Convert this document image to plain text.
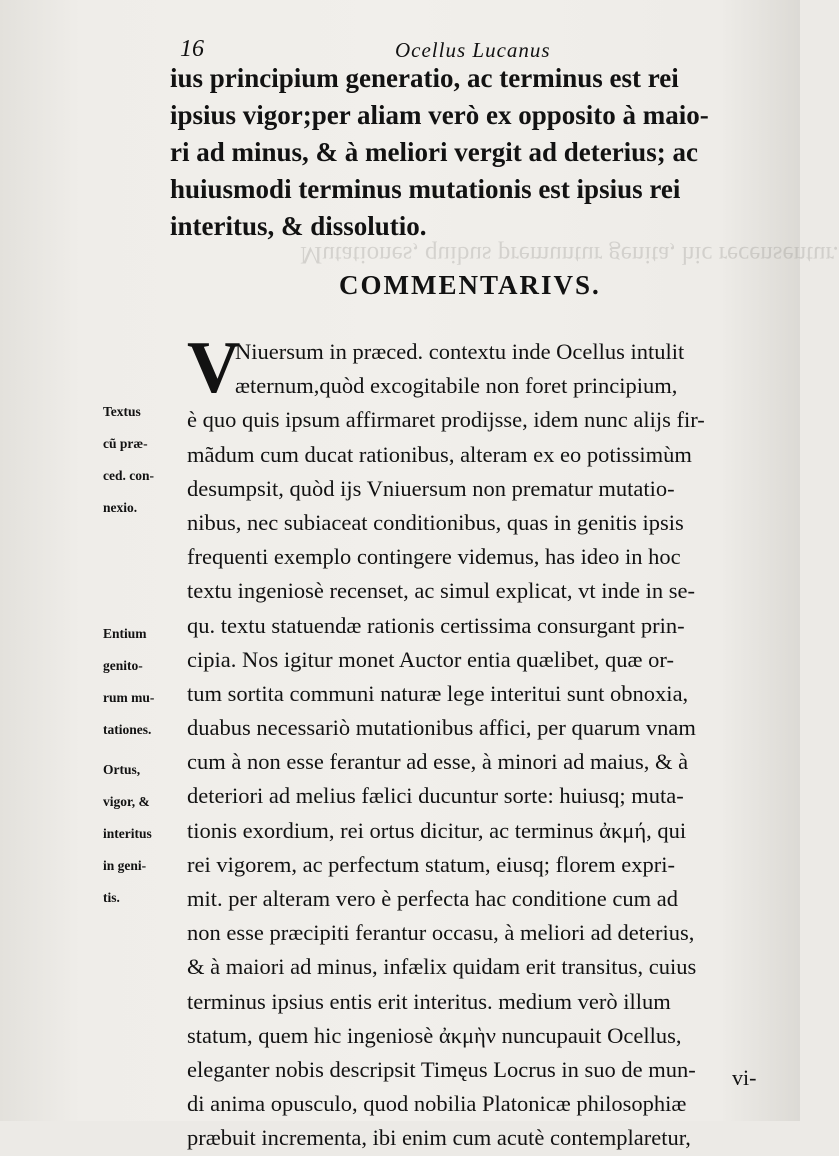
Mutationes, quibus premuntur genita, hic recensentur.
16	Ocellus Lucanus
ius principium generatio, ac terminus est rei
ipsius vigor;per aliam verò ex opposito à maio-
ri ad minus, & à meliori vergit ad deterius; ac
huiusmodi terminus mutationis est ipsius rei
interitus, & dissolutio.
COMMENTARIVS.
V
Niuersum in præced. contextu inde Ocellus intulit
æternum,quòd excogitabile non foret principium,
è quo quis ipsum affirmaret prodijsse, idem nunc alijs fir-
mãdum cum ducat rationibus, alteram ex eo potissimùm
desumpsit, quòd ijs Vniuersum non prematur mutatio-
nibus, nec subiaceat conditionibus, quas in genitis ipsis
frequenti exemplo contingere videmus, has ideo in hoc
textu ingeniosè recenset, ac simul explicat, vt inde in se-
qu. textu statuendæ rationis certissima consurgant prin-
cipia. Nos igitur monet Auctor entia quælibet, quæ or-
tum sortita communi naturæ lege interitui sunt obnoxia,
duabus necessariò mutationibus affici, per quarum vnam
cum à non esse ferantur ad esse, à minori ad maius, & à
deteriori ad melius fælici ducuntur sorte: huiusq; muta-
tionis exordium, rei ortus dicitur, ac terminus ἀκμή, qui
rei vigorem, ac perfectum statum, eiusq; florem expri-
mit. per alteram vero è perfecta hac conditione cum ad
non esse præcipiti ferantur occasu, à meliori ad deterius,
& à maiori ad minus, infælix quidam erit transitus, cuius
terminus ipsius entis erit interitus. medium verò illum
statum, quem hic ingeniosè ἀκμὴν nuncupauit Ocellus,
eleganter nobis descripsit Timęus Locrus in suo de mun-
di anima opusculo, quod nobilia Platonicæ philosophiæ
præbuit incrementa, ibi enim cum acutè contemplaretur,
Textus

cũ præ-

ced. con-

nexio.
Entium

genito-

rum mu-

tationes.
Ortus,

vigor, &

interitus

in geni-

tis.
vi-
